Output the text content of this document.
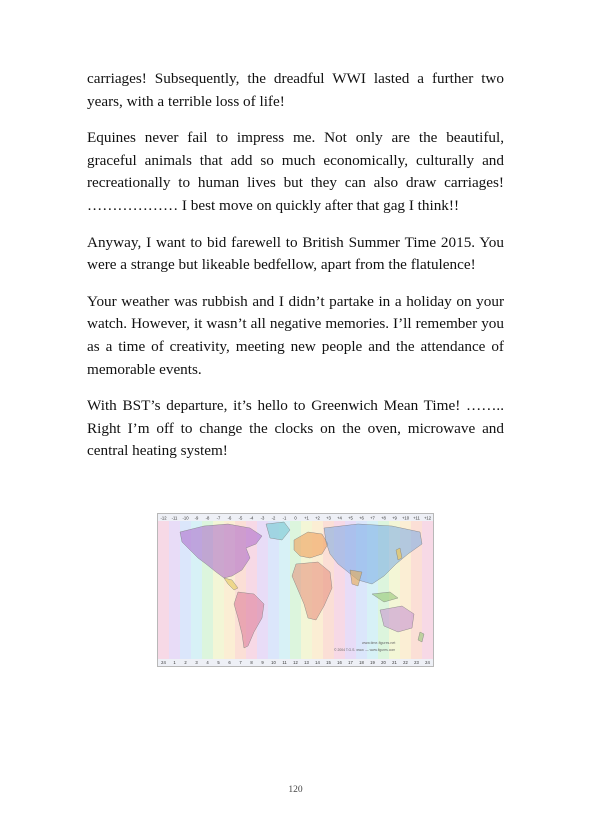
carriages! Subsequently, the dreadful WWI lasted a further two years, with a terrible loss of life!

Equines never fail to impress me. Not only are the beautiful, graceful animals that add so much economically, culturally and recreationally to human lives but they can also draw carriages! ……………… I best move on quickly after that gag I think!!

Anyway, I want to bid farewell to British Summer Time 2015. You were a strange but likeable bedfellow, apart from the flatulence!

Your weather was rubbish and I didn’t partake in a holiday on your watch. However, it wasn’t all negative memories. I’ll remember you as a time of creativity, meeting new people and the attendance of memorable events.

With BST’s departure, it’s hello to Greenwich Mean Time! …….. Right I’m off to change the clocks on the oven, microwave and central heating system!

-12 -11 -10 -9 -8 -7 -6 -5 -4 -3 -2 -1 0 +1 +2 +3 +4 +5 +6 +7 +8 +9 +10 +11 +12
24 1 2 3 4 5 6 7 8 9 10 11 12 13 14 15 16 17 18 19 20 21 22 23 24
www.time-figures.net
© 2004 T.G.S. www. — www.figures.com
120
